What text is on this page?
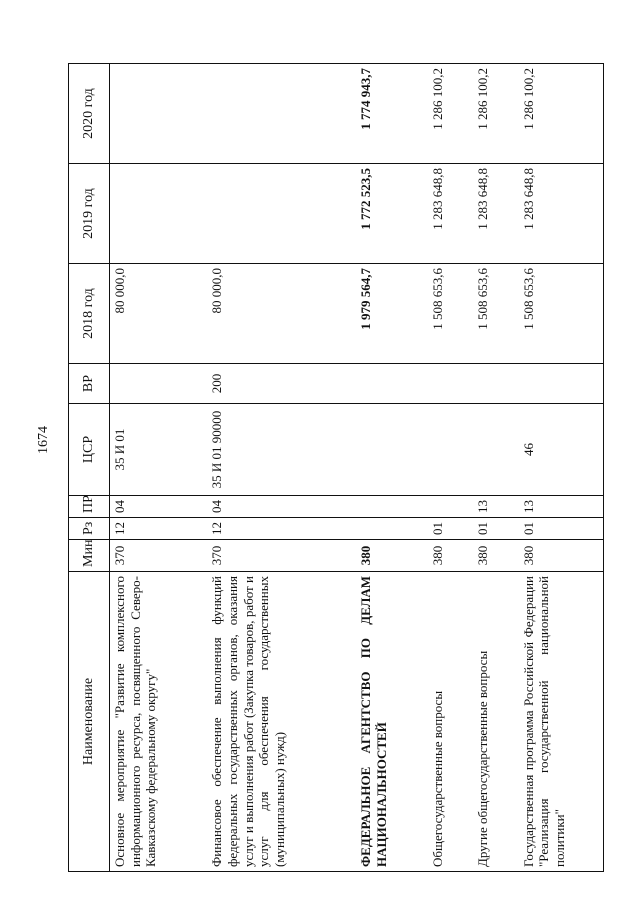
1674
Наименование	Мин	Рз	ПР	ЦСР	ВР	2018 год	2019 год	2020 год
Основное мероприятие "Развитие комплексного информационного ресурса, посвященного Северо-Кавказскому федеральному округу"	370	12	04	35 И 01		80 000,0		
Финансовое обеспечение выполнения функций федеральных государственных органов, оказания услуг и выполнения работ (Закупка товаров, работ и услуг для обеспечения государственных (муниципальных) нужд)	370	12	04	35 И 01 90000	200	80 000,0		
ФЕДЕРАЛЬНОЕ АГЕНТСТВО ПО ДЕЛАМ НАЦИОНАЛЬНОСТЕЙ	380					1 979 564,7	1 772 523,5	1 774 943,7
Общегосударственные вопросы	380	01				1 508 653,6	1 283 648,8	1 286 100,2
Другие общегосударственные вопросы	380	01	13			1 508 653,6	1 283 648,8	1 286 100,2
Государственная программа Российской Федерации "Реализация государственной национальной политики"	380	01	13	46		1 508 653,6	1 283 648,8	1 286 100,2
